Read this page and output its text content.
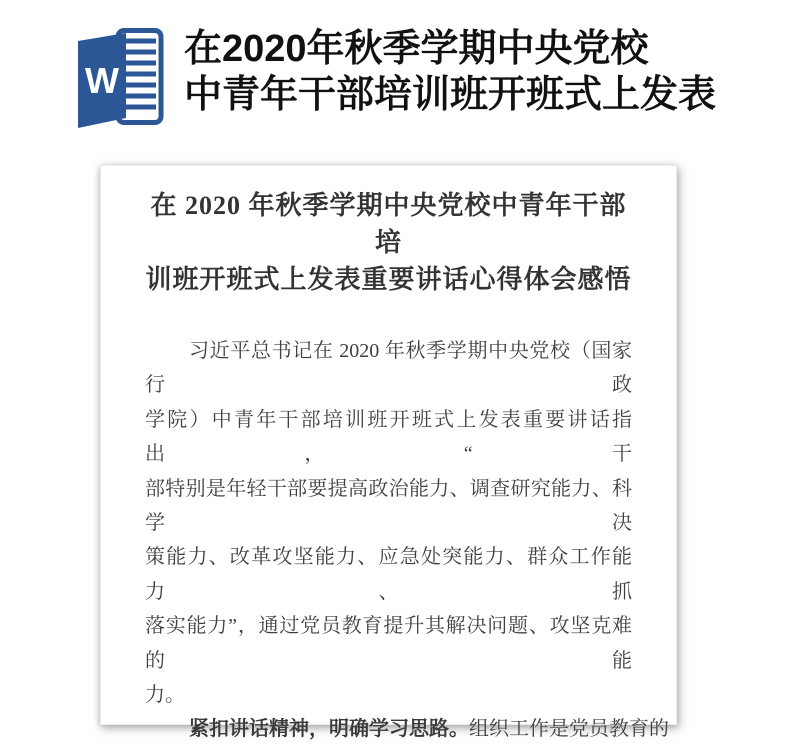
W
在2020年秋季学期中央党校
中青年干部培训班开班式上发表
在 2020 年秋季学期中央党校中青年干部培
训班开班式上发表重要讲话心得体会感悟
习近平总书记在 2020 年秋季学期中央党校（国家行政
学院）中青年干部培训班开班式上发表重要讲话指出，“干
部特别是年轻干部要提高政治能力、调查研究能力、科学决
策能力、改革攻坚能力、应急处突能力、群众工作能力、抓
落实能力”，通过党员教育提升其解决问题、攻坚克难的能
力。
紧扣讲话精神，明确学习思路。组织工作是党员教育的
